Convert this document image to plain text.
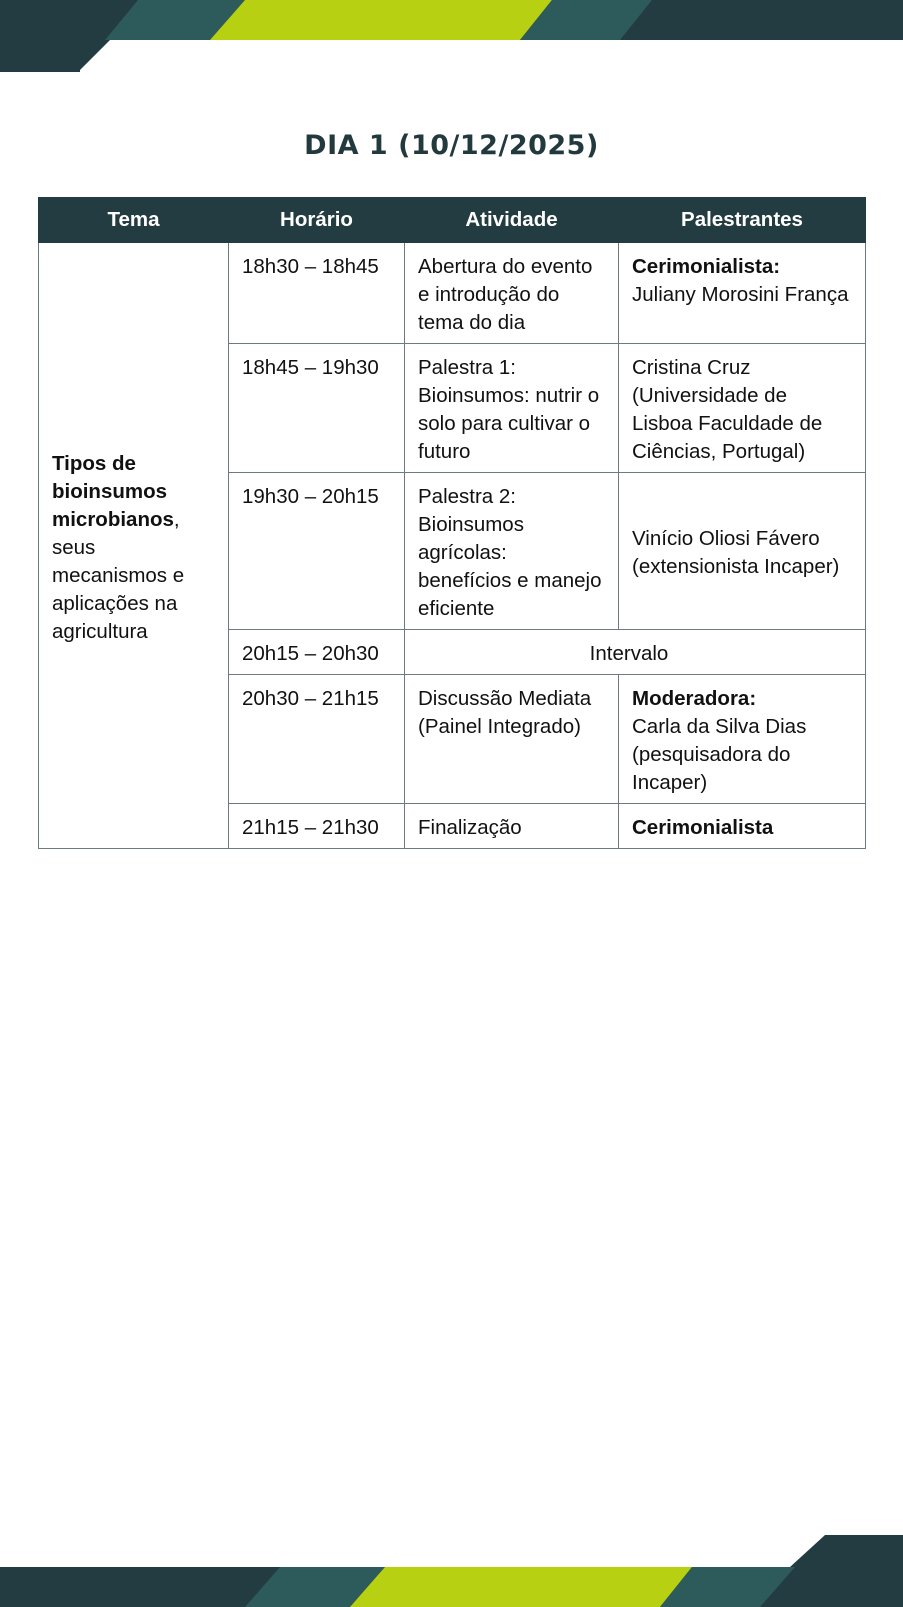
DIA 1 (10/12/2025)
Tema	Horário	Atividade	Palestrantes
Tipos de bioinsumos microbianos, seus mecanismos e aplicações na agricultura	18h30 – 18h45	Abertura do evento e introdução do tema do dia	Cerimonialista:
Juliany Morosini França
	18h45 – 19h30	Palestra 1: Bioinsumos: nutrir o solo para cultivar o futuro	Cristina Cruz (Universidade de Lisboa Faculdade de Ciências, Portugal)
	19h30 – 20h15	Palestra 2: Bioinsumos agrícolas: benefícios e manejo eficiente	Vinício Oliosi Fávero (extensionista Incaper)
	20h15 – 20h30	Intervalo	
	20h30 – 21h15	Discussão Mediata (Painel Integrado)	Moderadora:
Carla da Silva Dias (pesquisadora do Incaper)
	21h15 – 21h30	Finalização	Cerimonialista
